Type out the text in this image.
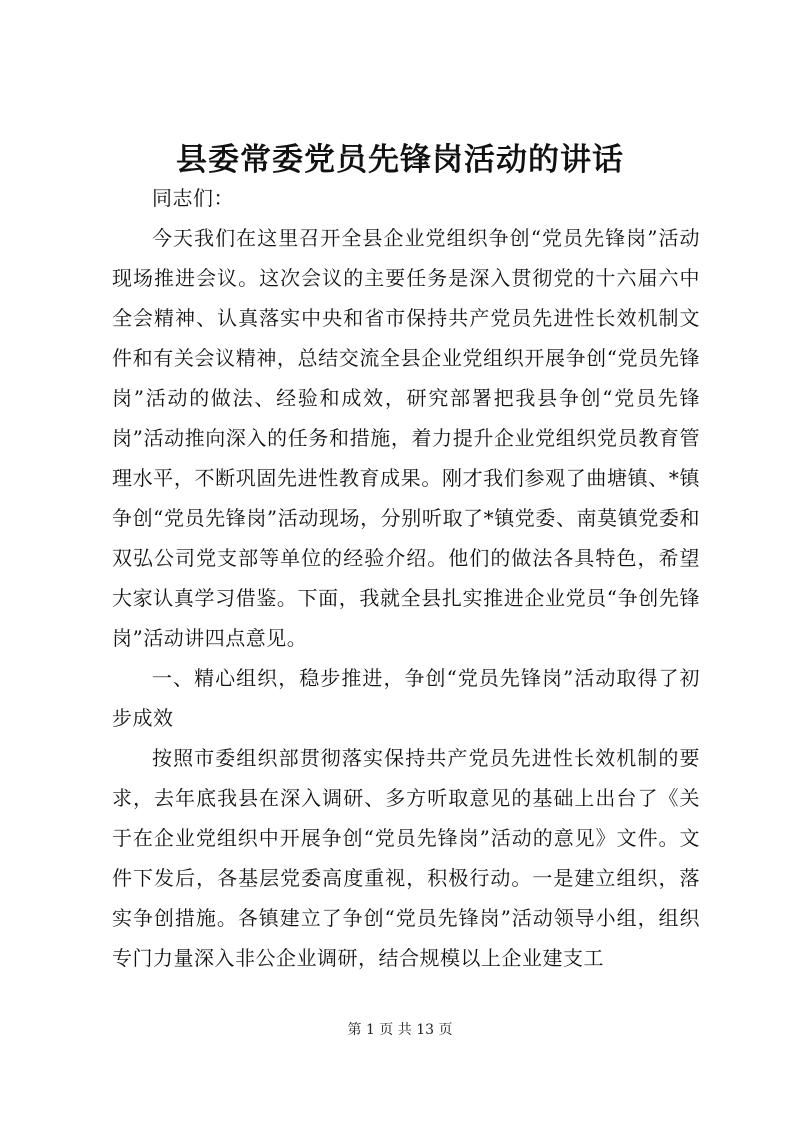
县委常委党员先锋岗活动的讲话

同志们：

今天我们在这里召开全县企业党组织争创“党员先锋岗”活动现场推进会议。这次会议的主要任务是深入贯彻党的十六届六中全会精神、认真落实中央和省市保持共产党员先进性长效机制文件和有关会议精神，总结交流全县企业党组织开展争创“党员先锋岗”活动的做法、经验和成效，研究部署把我县争创“党员先锋岗”活动推向深入的任务和措施，着力提升企业党组织党员教育管理水平，不断巩固先进性教育成果。刚才我们参观了曲塘镇、*镇争创“党员先锋岗”活动现场，分别听取了*镇党委、南莫镇党委和双弘公司党支部等单位的经验介绍。他们的做法各具特色，希望大家认真学习借鉴。下面，我就全县扎实推进企业党员“争创先锋岗”活动讲四点意见。

一、精心组织，稳步推进，争创“党员先锋岗”活动取得了初步成效

按照市委组织部贯彻落实保持共产党员先进性长效机制的要求，去年底我县在深入调研、多方听取意见的基础上出台了《关于在企业党组织中开展争创“党员先锋岗”活动的意见》文件。文件下发后，各基层党委高度重视，积极行动。一是建立组织，落实争创措施。各镇建立了争创“党员先锋岗”活动领导小组，组织专门力量深入非公企业调研，结合规模以上企业建支工

第 1 页 共 13 页
